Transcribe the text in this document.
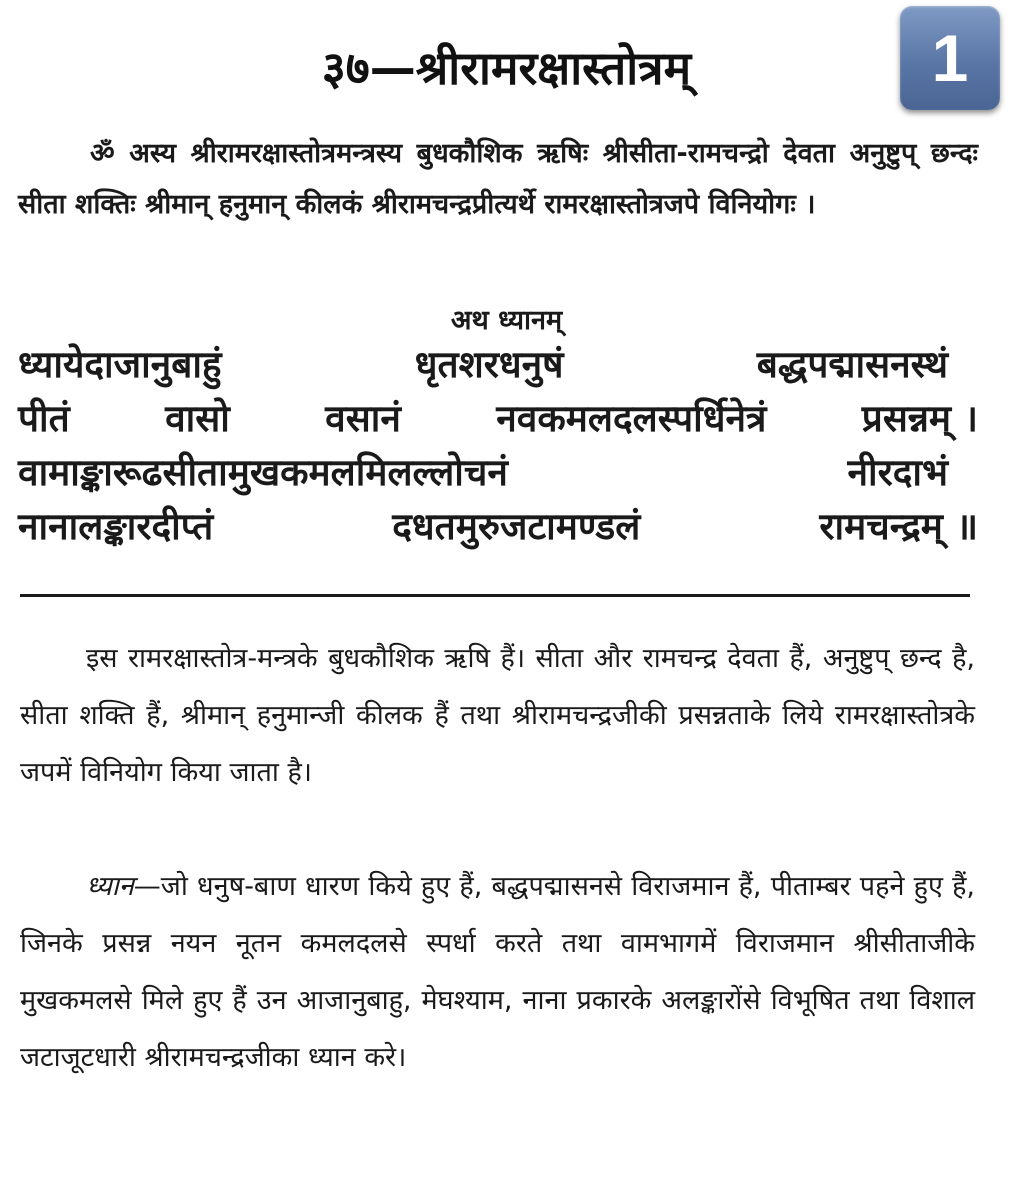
३७—श्रीरामरक्षास्तोत्रम्	1

ॐ अस्य श्रीरामरक्षास्तोत्रमन्त्रस्य बुधकौशिक ऋषिः श्रीसीता-रामचन्द्रो देवता अनुष्टुप् छन्दः सीता शक्तिः श्रीमान् हनुमान् कीलकं श्रीरामचन्द्रप्रीत्यर्थे रामरक्षास्तोत्रजपे विनियोगः ।

अथ ध्यानम्
ध्यायेदाजानुबाहुं	धृतशरधनुषं	बद्धपद्मासनस्थं
पीतं	वासो	वसानं	नवकमलदलस्पर्धिनेत्रं	प्रसन्नम् ।
वामाङ्कारूढसीतामुखकमलमिलल्लोचनं	नीरदाभं
नानालङ्कारदीप्तं	दधतमुरुजटामण्डलं	रामचन्द्रम् ॥

इस रामरक्षास्तोत्र-मन्त्रके बुधकौशिक ऋषि हैं। सीता और रामचन्द्र देवता हैं, अनुष्टुप् छन्द है, सीता शक्ति हैं, श्रीमान् हनुमान्जी कीलक हैं तथा श्रीरामचन्द्रजीकी प्रसन्नताके लिये रामरक्षास्तोत्रके जपमें विनियोग किया जाता है।

ध्यान—जो धनुष-बाण धारण किये हुए हैं, बद्धपद्मासनसे विराजमान हैं, पीताम्बर पहने हुए हैं, जिनके प्रसन्न नयन नूतन कमलदलसे स्पर्धा करते तथा वामभागमें विराजमान श्रीसीताजीके मुखकमलसे मिले हुए हैं उन आजानुबाहु, मेघश्याम, नाना प्रकारके अलङ्कारोंसे विभूषित तथा विशाल जटाजूटधारी श्रीरामचन्द्रजीका ध्यान करे।
